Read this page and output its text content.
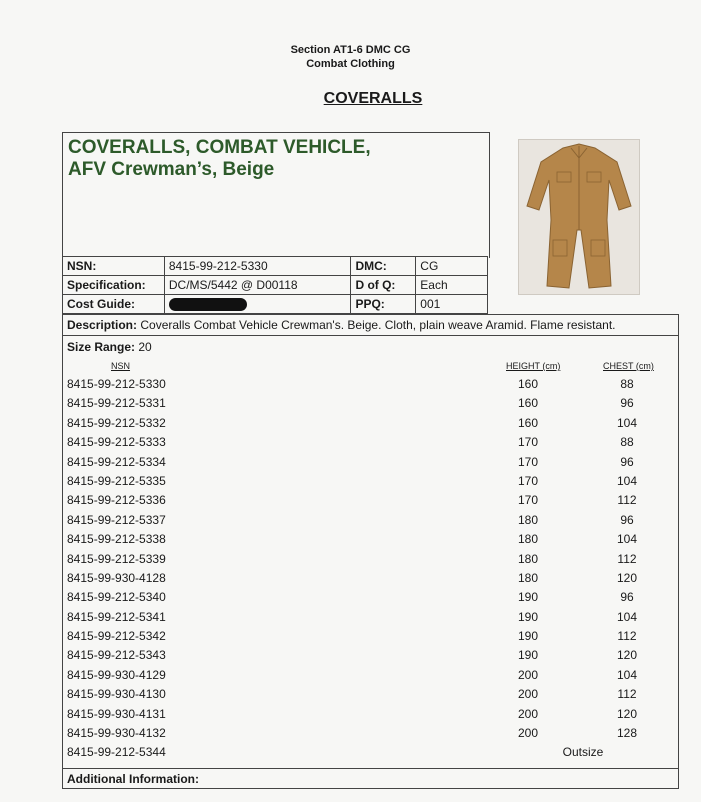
Section AT1-6 DMC CG
Combat Clothing
COVERALLS
COVERALLS, COMBAT VEHICLE,
AFV Crewman’s, Beige
NSN:	8415-99-212-5330	DMC:	CG
Specification:	DC/MS/5442 @ D00118	D of Q:	Each
Cost Guide:		PPQ:	001
Description: Coveralls Combat Vehicle Crewman's. Beige. Cloth, plain weave Aramid. Flame resistant.
Size Range: 20
NSN	HEIGHT (cm)	CHEST (cm)
8415-99-212-5330	160	88
8415-99-212-5331	160	96
8415-99-212-5332	160	104
8415-99-212-5333	170	88
8415-99-212-5334	170	96
8415-99-212-5335	170	104
8415-99-212-5336	170	112
8415-99-212-5337	180	96
8415-99-212-5338	180	104
8415-99-212-5339	180	112
8415-99-930-4128	180	120
8415-99-212-5340	190	96
8415-99-212-5341	190	104
8415-99-212-5342	190	112
8415-99-212-5343	190	120
8415-99-930-4129	200	104
8415-99-930-4130	200	112
8415-99-930-4131	200	120
8415-99-930-4132	200	128
8415-99-212-5344	Outsize
Additional Information:
